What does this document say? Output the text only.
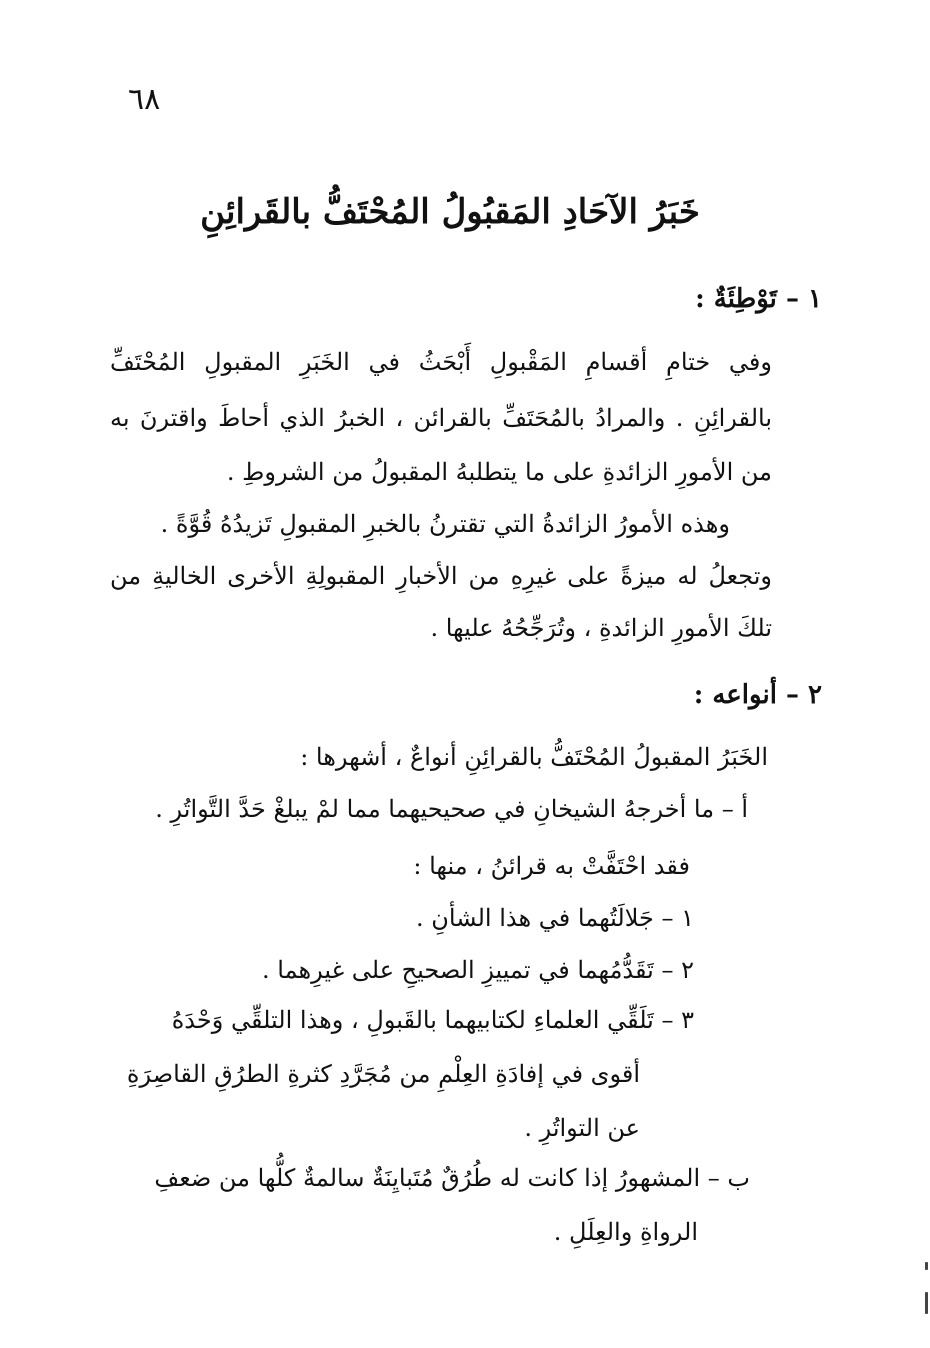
٦٨
خَبَرُ الآحَادِ المَقبُولُ المُحْتَفُّ بالقَرائِنِ
١ – تَوْطِئَةٌ :
وفي ختامِ أقسامِ المَقْبولِ أَبْحَثُ في الخَبَرِ المقبولِ المُحْتَفِّ
بالقرائِنِ . والمرادُ بالمُحَتَفِّ بالقرائن ، الخبرُ الذي أحاطَ واقترنَ به
من الأمورِ الزائدةِ على ما يتطلبهُ المقبولُ من الشروطِ .
وهذه الأمورُ الزائدةُ التي تقترنُ بالخبرِ المقبولِ تَزيدُهُ قُوَّةً .
وتجعلُ له ميزةً على غيرِهِ من الأخبارِ المقبولِةِ الأخرى الخاليةِ من
تلكَ الأمورِ الزائدةِ ، وتُرَجِّحُهُ عليها .
٢ – أنواعه :
الخَبَرُ المقبولُ المُحْتَفُّ بالقرائِنِ أنواعٌ ، أشهرها :
أ – ما أخرجهُ الشيخانِ في صحيحيهما مما لمْ يبلغْ حَدَّ التَّواتُرِ .
فقد احْتَفَّتْ به قرائنُ ، منها :
١ – جَلالَتُهما في هذا الشأنِ .
٢ – تَقَدُّمُهما في تمييزِ الصحيحِ على غيرِهما .
٣ – تَلَقِّي العلماءِ لكتابيهما بالقَبولِ ، وهذا التلقِّي وَحْدَهُ
أقوى في إفادَةِ العِلْمِ من مُجَرَّدِ كثرةِ الطرُقِ القاصِرَةِ
عن التواتُرِ .
ب – المشهورُ إذا كانت له طُرُقٌ مُتَبايِنَةٌ سالمةٌ كلُّها من ضعفِ
الرواةِ والعِلَلِ .
